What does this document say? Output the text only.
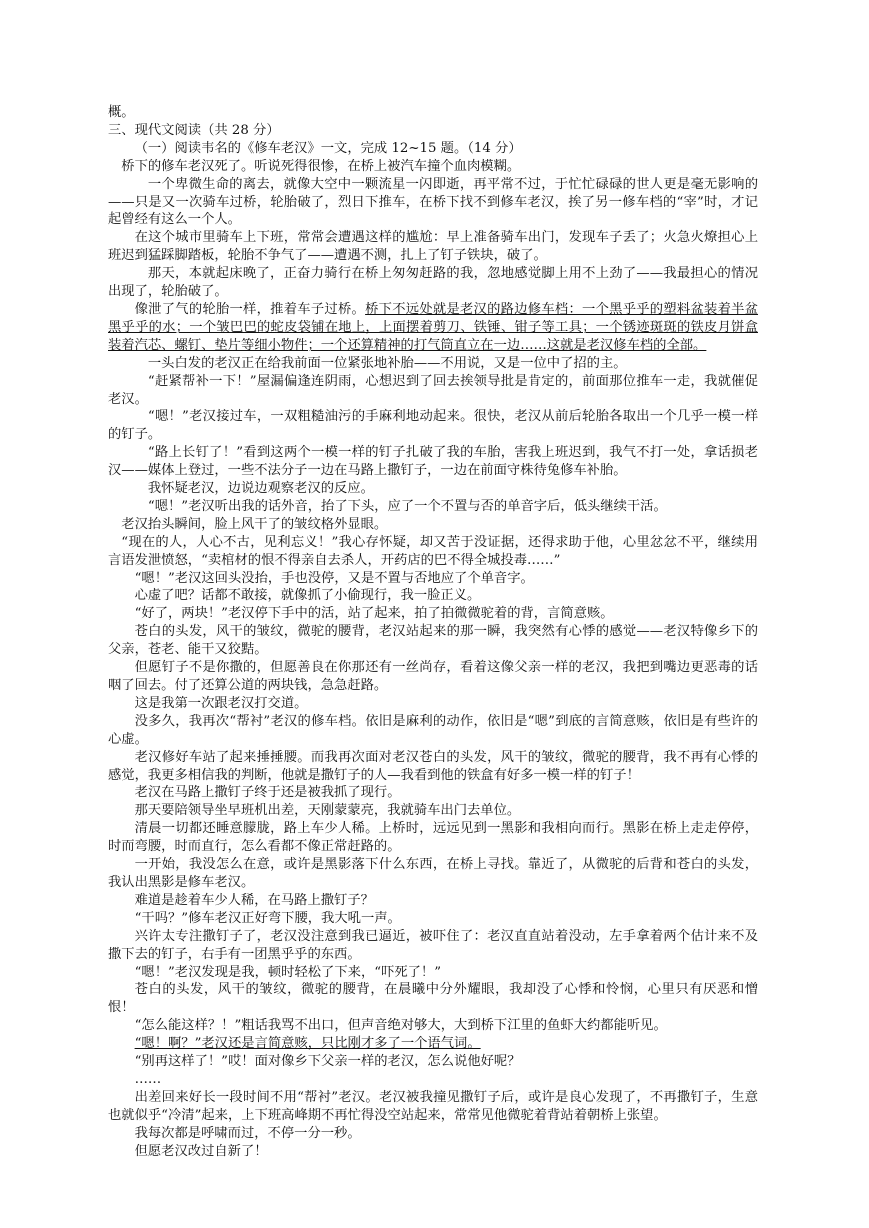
概。

三、现代文阅读（共 28 分）

（一）阅读韦名的《修车老汉》一文，完成 12~15 题。（14 分）

桥下的修车老汉死了。听说死得很惨，在桥上被汽车撞个血肉模糊。

一个卑微生命的离去，就像大空中一颗流星一闪即逝，再平常不过，于忙忙碌碌的世人更是毫无影响的——只是又一次骑车过桥，轮胎破了，烈日下推车，在桥下找不到修车老汉，挨了另一修车档的“宰”时，才记起曾经有这么一个人。

在这个城市里骑车上下班，常常会遭遇这样的尴尬：早上准备骑车出门，发现车子丢了；火急火燎担心上班迟到猛踩脚踏板，轮胎不争气了——遭遇不测，扎上了钉子铁块，破了。

那天，本就起床晚了，正奋力骑行在桥上匆匆赶路的我，忽地感觉脚上用不上劲了——我最担心的情况出现了，轮胎破了。

像泄了气的轮胎一样，推着车子过桥。桥下不远处就是老汉的路边修车档：一个黑乎乎的塑料盆装着半盆黑乎乎的水；一个皱巴巴的蛇皮袋铺在地上，上面摆着剪刀、铁锤、钳子等工具；一个锈迹斑斑的铁皮月饼盒装着汽芯、螺钉、垫片等细小物件；一个还算精神的打气筒直立在一边……这就是老汉修车档的全部。

一头白发的老汉正在给我前面一位紧张地补胎——不用说，又是一位中了招的主。

“赶紧帮补一下！”屋漏偏逢连阴雨，心想迟到了回去挨领导批是肯定的，前面那位推车一走，我就催促老汉。

“嗯！”老汉接过车，一双粗糙油污的手麻利地动起来。很快，老汉从前后轮胎各取出一个几乎一模一样的钉子。

“路上长钉了！”看到这两个一模一样的钉子扎破了我的车胎，害我上班迟到，我气不打一处，拿话损老汉——媒体上登过，一些不法分子一边在马路上撒钉子，一边在前面守株待兔修车补胎。

我怀疑老汉，边说边观察老汉的反应。

“嗯！”老汉听出我的话外音，抬了下头，应了一个不置与否的单音字后，低头继续干活。

老汉抬头瞬间，脸上风干了的皱纹格外显眼。

“现在的人，人心不古，见利忘义！”我心存怀疑，却又苦于没证据，还得求助于他，心里忿忿不平，继续用言语发泄愤怒，“卖棺材的恨不得亲自去杀人，开药店的巴不得全城投毒……”

“嗯！”老汉这回头没抬，手也没停，又是不置与否地应了个单音字。

心虚了吧？话都不敢接，就像抓了小偷现行，我一脸正义。

“好了，两块！”老汉停下手中的活，站了起来，拍了拍微微驼着的背，言简意赅。

苍白的头发，风干的皱纹，微驼的腰背，老汉站起来的那一瞬，我突然有心悸的感觉——老汉特像乡下的父亲，苍老、能干又狡黠。

但愿钉子不是你撒的，但愿善良在你那还有一丝尚存，看着这像父亲一样的老汉，我把到嘴边更恶毒的话咽了回去。付了还算公道的两块钱，急急赶路。

这是我第一次跟老汉打交道。

没多久，我再次“帮衬”老汉的修车档。依旧是麻利的动作，依旧是“嗯”到底的言简意赅，依旧是有些许的心虚。

老汉修好车站了起来捶捶腰。而我再次面对老汉苍白的头发，风干的皱纹，微驼的腰背，我不再有心悸的感觉，我更多相信我的判断，他就是撒钉子的人—我看到他的铁盒有好多一模一样的钉子！

老汉在马路上撒钉子终于还是被我抓了现行。

那天要陪领导坐早班机出差，天刚蒙蒙亮，我就骑车出门去单位。

清晨一切都还睡意朦胧，路上车少人稀。上桥时，远远见到一黑影和我相向而行。黑影在桥上走走停停，时而弯腰，时而直行，怎么看都不像正常赶路的。

一开始，我没怎么在意，或许是黑影落下什么东西，在桥上寻找。靠近了，从微驼的后背和苍白的头发，我认出黑影是修车老汉。

难道是趁着车少人稀，在马路上撒钉子？

“干吗？”修车老汉正好弯下腰，我大吼一声。

兴许太专注撒钉子了，老汉没注意到我已逼近，被吓住了：老汉直直站着没动，左手拿着两个估计来不及撒下去的钉子，右手有一团黑乎乎的东西。

“嗯！”老汉发现是我，顿时轻松了下来，“吓死了！”

苍白的头发，风干的皱纹，微驼的腰背，在晨曦中分外耀眼，我却没了心悸和怜悯，心里只有厌恶和憎恨！

“怎么能这样？！”粗话我骂不出口，但声音绝对够大，大到桥下江里的鱼虾大约都能听见。

“嗯！啊？”老汉还是言简意赅，只比刚才多了一个语气词。

“别再这样了！”哎！面对像乡下父亲一样的老汉，怎么说他好呢？

……

出差回来好长一段时间不用“帮衬”老汉。老汉被我撞见撒钉子后，或许是良心发现了，不再撒钉子，生意也就似乎“冷清”起来，上下班高峰期不再忙得没空站起来，常常见他微驼着背站着朝桥上张望。

我每次都是呼啸而过，不停一分一秒。

但愿老汉改过自新了！
